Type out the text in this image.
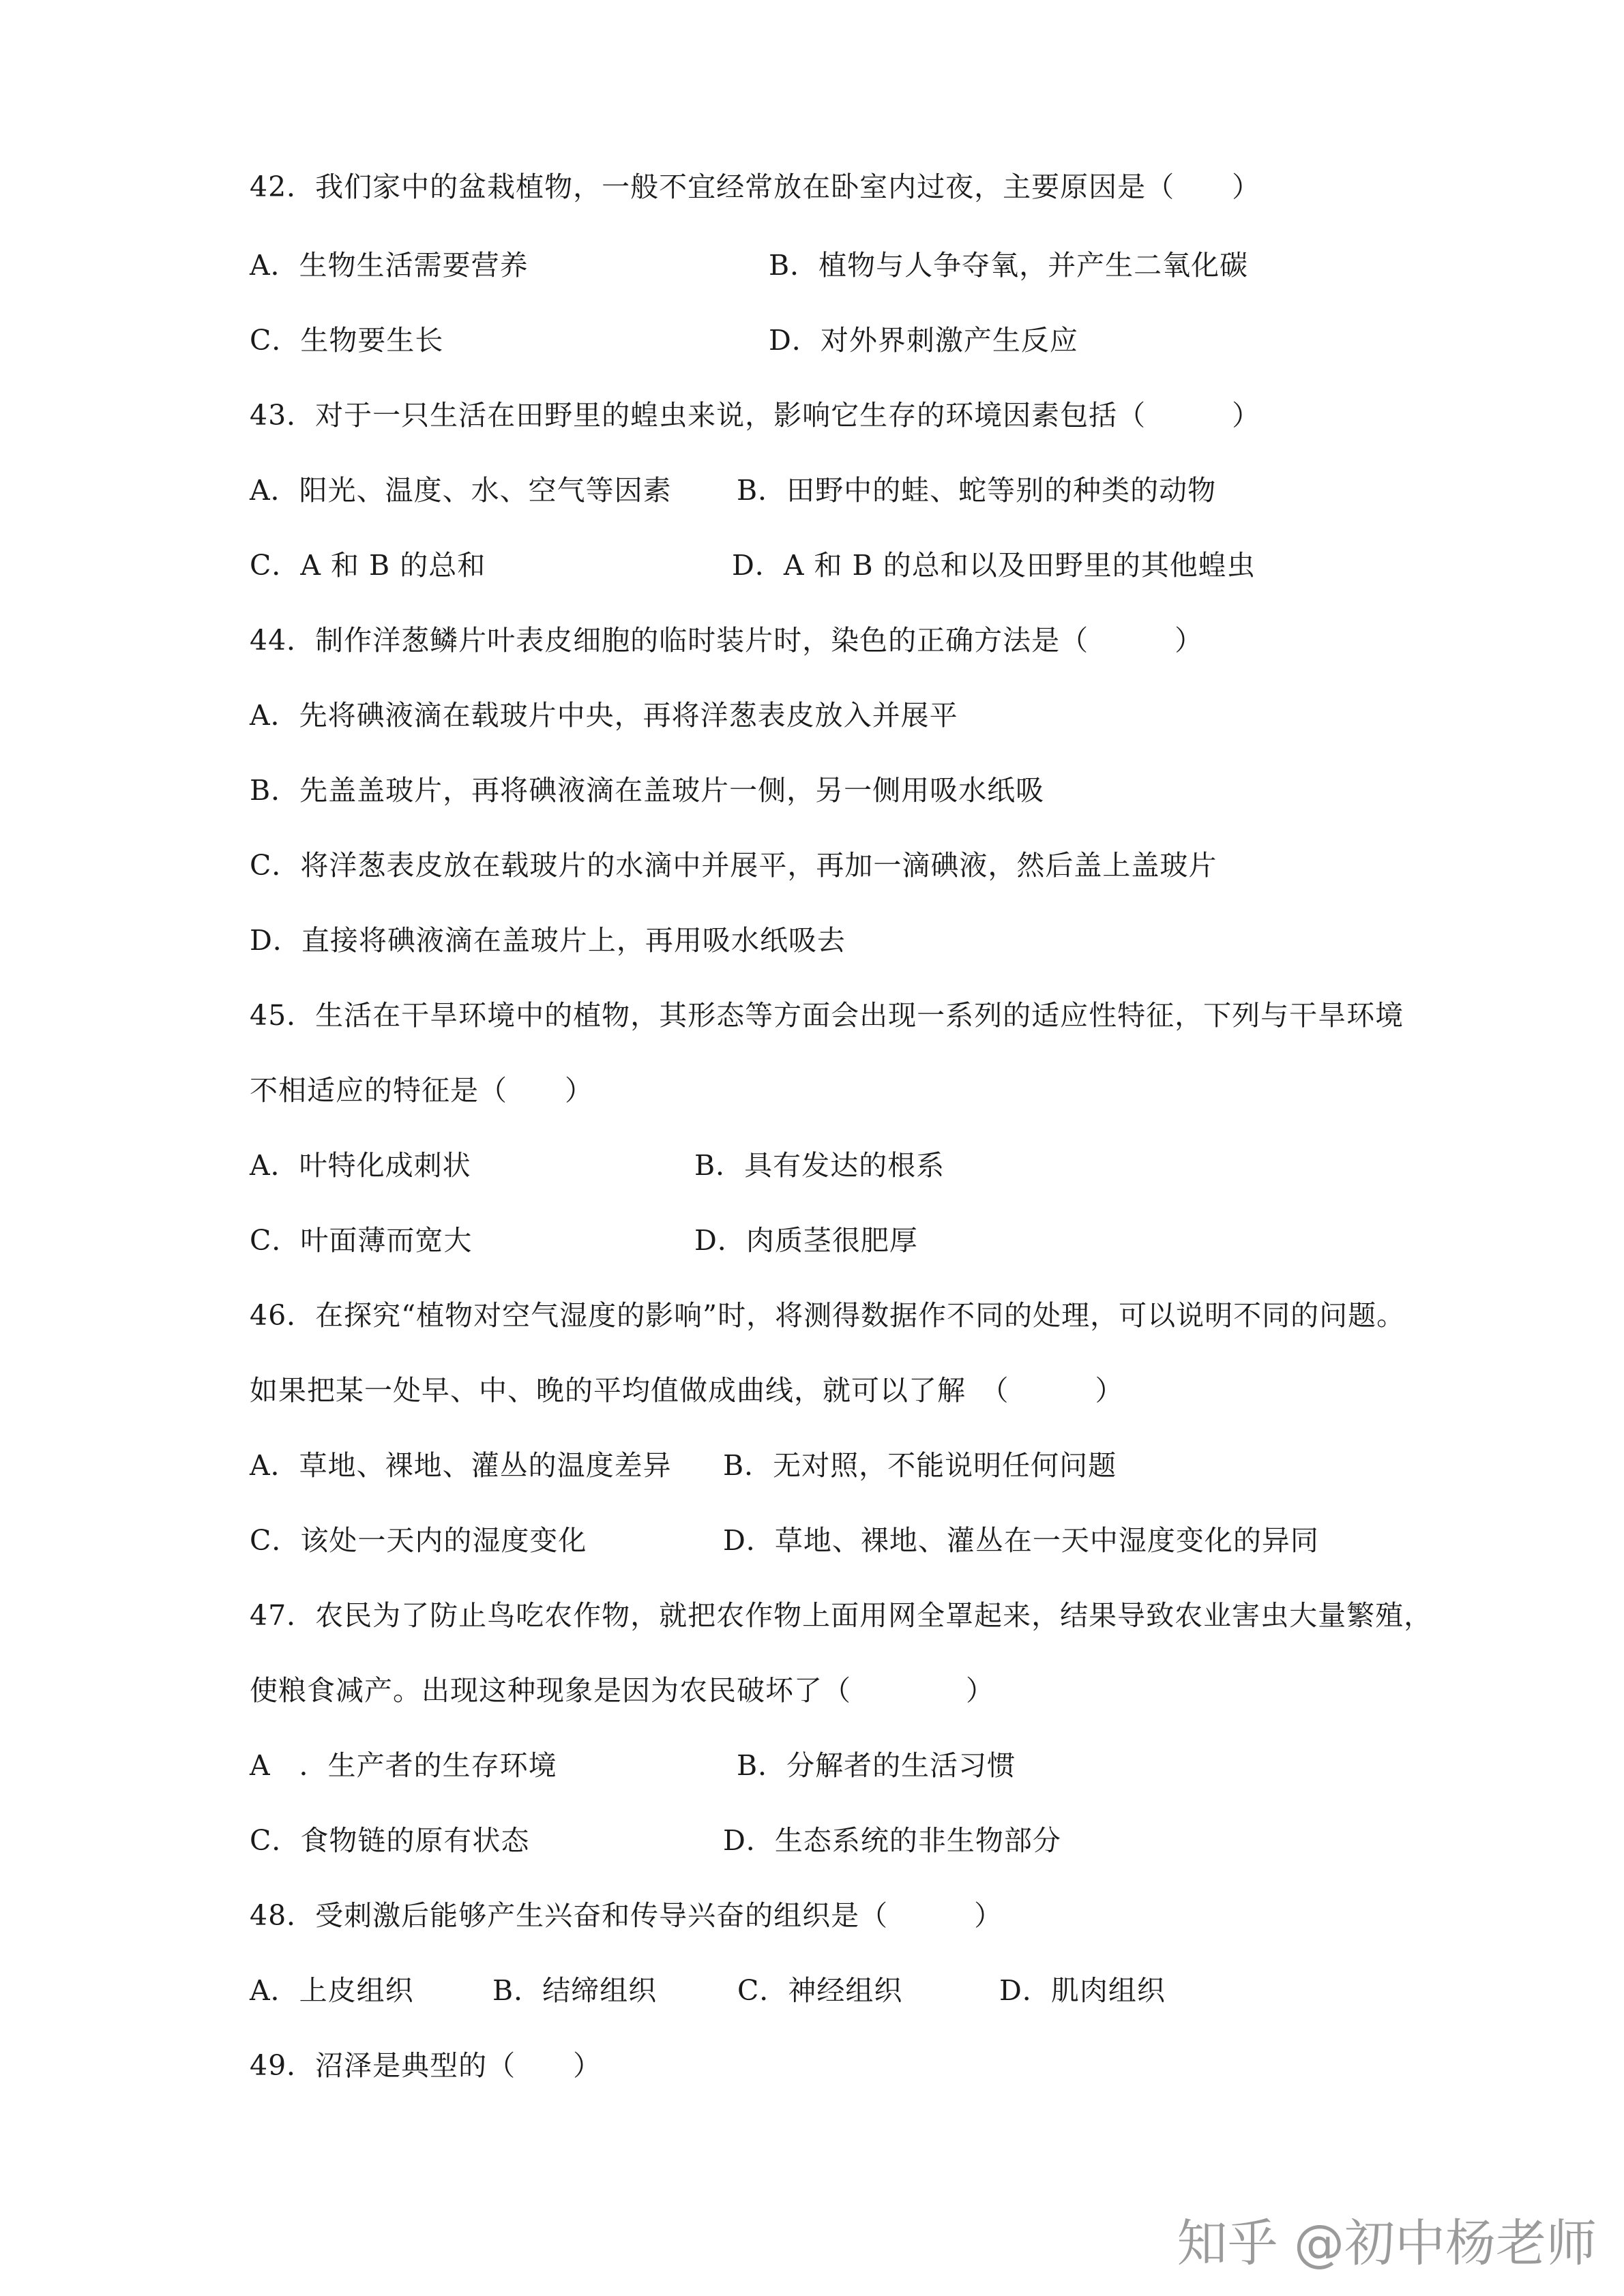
42．我们家中的盆栽植物，一般不宜经常放在卧室内过夜，主要原因是（　　）
A．生物生活需要营养	B．植物与人争夺氧，并产生二氧化碳
C．生物要生长	D．对外界刺激产生反应
43．对于一只生活在田野里的蝗虫来说，影响它生存的环境因素包括（　　　）
A．阳光、温度、水、空气等因素 B．田野中的蛙、蛇等别的种类的动物
C．A 和 B 的总和	D．A 和 B 的总和以及田野里的其他蝗虫
44．制作洋葱鳞片叶表皮细胞的临时装片时，染色的正确方法是（　　　）
A．先将碘液滴在载玻片中央，再将洋葱表皮放入并展平
B．先盖盖玻片，再将碘液滴在盖玻片一侧，另一侧用吸水纸吸
C．将洋葱表皮放在载玻片的水滴中并展平，再加一滴碘液，然后盖上盖玻片
D．直接将碘液滴在盖玻片上，再用吸水纸吸去
45．生活在干旱环境中的植物，其形态等方面会出现一系列的适应性特征，下列与干旱环境
不相适应的特征是（　　）
A．叶特化成刺状	B．具有发达的根系
C．叶面薄而宽大	D．肉质茎很肥厚
46．在探究“植物对空气湿度的影响”时，将测得数据作不同的处理，可以说明不同的问题。
如果把某一处早、中、晚的平均值做成曲线，就可以了解　（　　　）
A．草地、裸地、灌丛的温度差异 B．无对照，不能说明任何问题
C．该处一天内的湿度变化	D．草地、裸地、灌丛在一天中湿度变化的异同
47．农民为了防止鸟吃农作物，就把农作物上面用网全罩起来，结果导致农业害虫大量繁殖，
使粮食减产。出现这种现象是因为农民破坏了（　　　　）
A　．生产者的生存环境	B．分解者的生活习惯
C．食物链的原有状态	D．生态系统的非生物部分
48．受刺激后能够产生兴奋和传导兴奋的组织是（　　　）
A．上皮组织	B．结缔组织	C．神经组织	D．肌肉组织
49．沼泽是典型的（　　）
知乎 @初中杨老师
